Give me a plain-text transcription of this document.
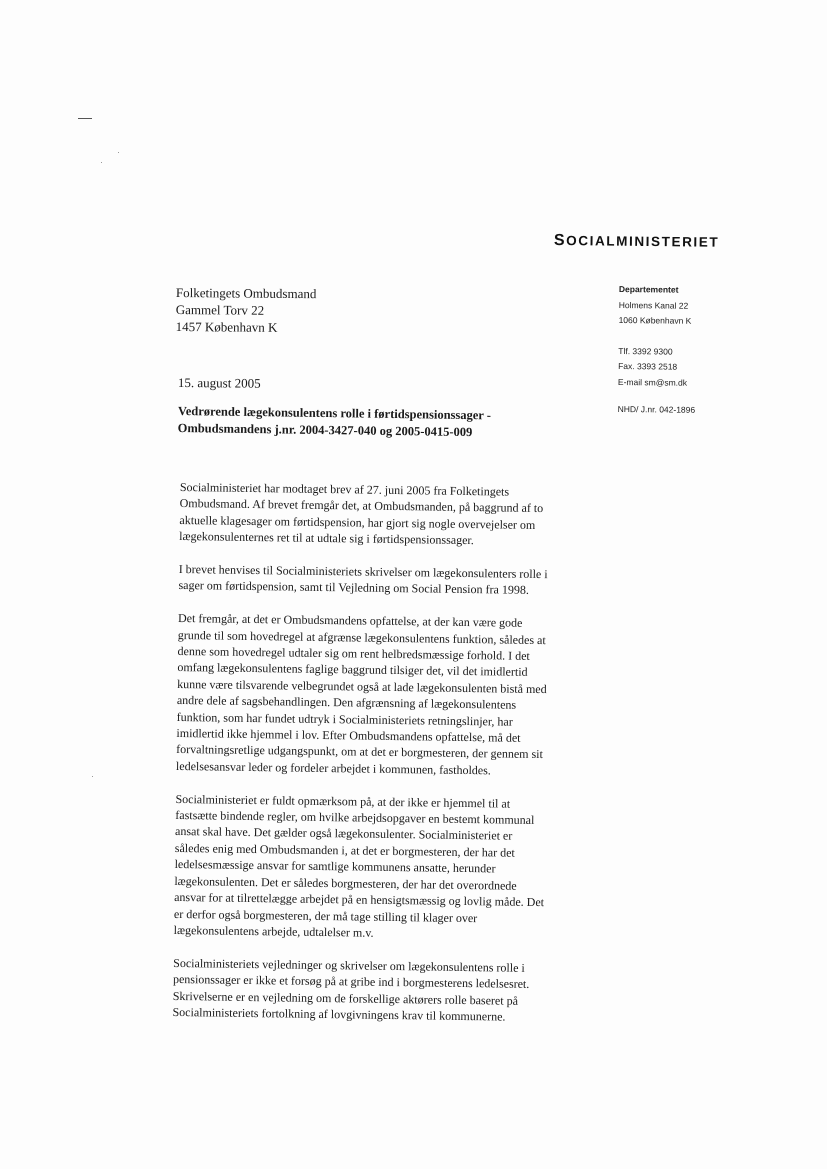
SOCIALMINISTERIET
Folketingets Ombudsmand
Gammel Torv 22
1457 København K
Departementet
Holmens Kanal 22
1060 København K
Tlf. 3392 9300
Fax. 3393 2518
E-mail sm@sm.dk
NHD/ J.nr. 042-1896
15. august 2005
Vedrørende lægekonsulentens rolle i førtidspensionssager -
Ombudsmandens j.nr. 2004-3427-040 og 2005-0415-009

Socialministeriet har modtaget brev af 27. juni 2005 fra Folketingets
Ombudsmand. Af brevet fremgår det, at Ombudsmanden, på baggrund af to
aktuelle klagesager om førtidspension, har gjort sig nogle overvejelser om
lægekonsulenternes ret til at udtale sig i førtidspensionssager.

I brevet henvises til Socialministeriets skrivelser om lægekonsulenters rolle i
sager om førtidspension, samt til Vejledning om Social Pension fra 1998.

Det fremgår, at det er Ombudsmandens opfattelse, at der kan være gode
grunde til som hovedregel at afgrænse lægekonsulentens funktion, således at
denne som hovedregel udtaler sig om rent helbredsmæssige forhold. I det
omfang lægekonsulentens faglige baggrund tilsiger det, vil det imidlertid
kunne være tilsvarende velbegrundet også at lade lægekonsulenten bistå med
andre dele af sagsbehandlingen. Den afgrænsning af lægekonsulentens
funktion, som har fundet udtryk i Socialministeriets retningslinjer, har
imidlertid ikke hjemmel i lov. Efter Ombudsmandens opfattelse, må det
forvaltningsretlige udgangspunkt, om at det er borgmesteren, der gennem sit
ledelsesansvar leder og fordeler arbejdet i kommunen, fastholdes.

Socialministeriet er fuldt opmærksom på, at der ikke er hjemmel til at
fastsætte bindende regler, om hvilke arbejdsopgaver en bestemt kommunal
ansat skal have. Det gælder også lægekonsulenter. Socialministeriet er
således enig med Ombudsmanden i, at det er borgmesteren, der har det
ledelsesmæssige ansvar for samtlige kommunens ansatte, herunder
lægekonsulenten. Det er således borgmesteren, der har det overordnede
ansvar for at tilrettelægge arbejdet på en hensigtsmæssig og lovlig måde. Det
er derfor også borgmesteren, der må tage stilling til klager over
lægekonsulentens arbejde, udtalelser m.v.

Socialministeriets vejledninger og skrivelser om lægekonsulentens rolle i
pensionssager er ikke et forsøg på at gribe ind i borgmesterens ledelsesret.
Skrivelserne er en vejledning om de forskellige aktørers rolle baseret på
Socialministeriets fortolkning af lovgivningens krav til kommunerne.
